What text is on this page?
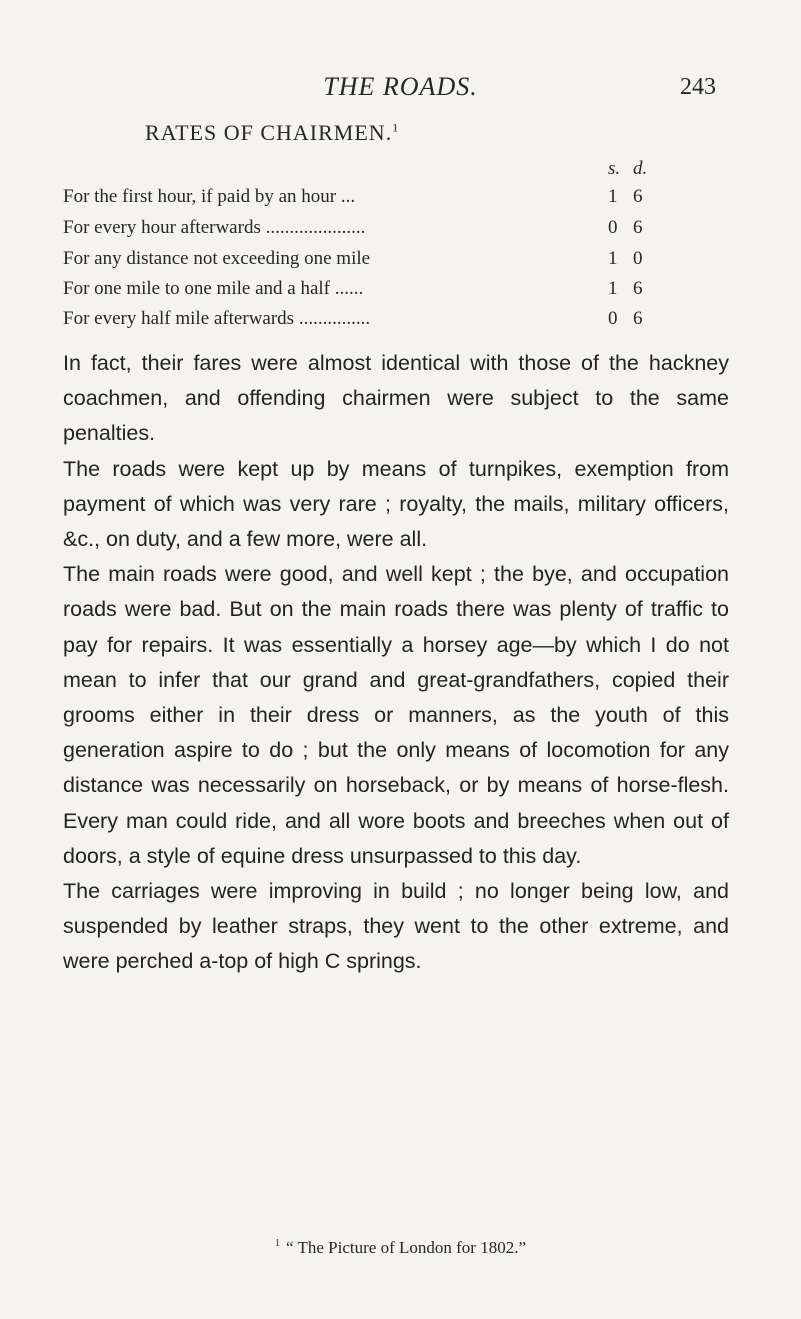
THE ROADS.	243
RATES OF CHAIRMEN.$^1$
s. d.
For the first hour, if paid by an hour ...	1 6
For every hour afterwards .....................	0 6
For any distance not exceeding one mile	1 0
For one mile to one mile and a half ......	1 6
For every half mile afterwards ...............	0 6

In fact, their fares were almost identical with those of the hackney coachmen, and offending chairmen were subject to the same penalties.

The roads were kept up by means of turnpikes, exemption from payment of which was very rare ; royalty, the mails, military officers, &c., on duty, and a few more, were all.

The main roads were good, and well kept ; the bye, and occupation roads were bad. But on the main roads there was plenty of traffic to pay for repairs. It was essentially a horsey age—by which I do not mean to infer that our grand and great-grandfathers, copied their grooms either in their dress or manners, as the youth of this generation aspire to do ; but the only means of locomotion for any distance was necessarily on horseback, or by means of horse-flesh. Every man could ride, and all wore boots and breeches when out of doors, a style of equine dress unsurpassed to this day.

The carriages were improving in build ; no longer being low, and suspended by leather straps, they went to the other extreme, and were perched a-top of high C springs.

$^1$ “ The Picture of London for 1802.”
